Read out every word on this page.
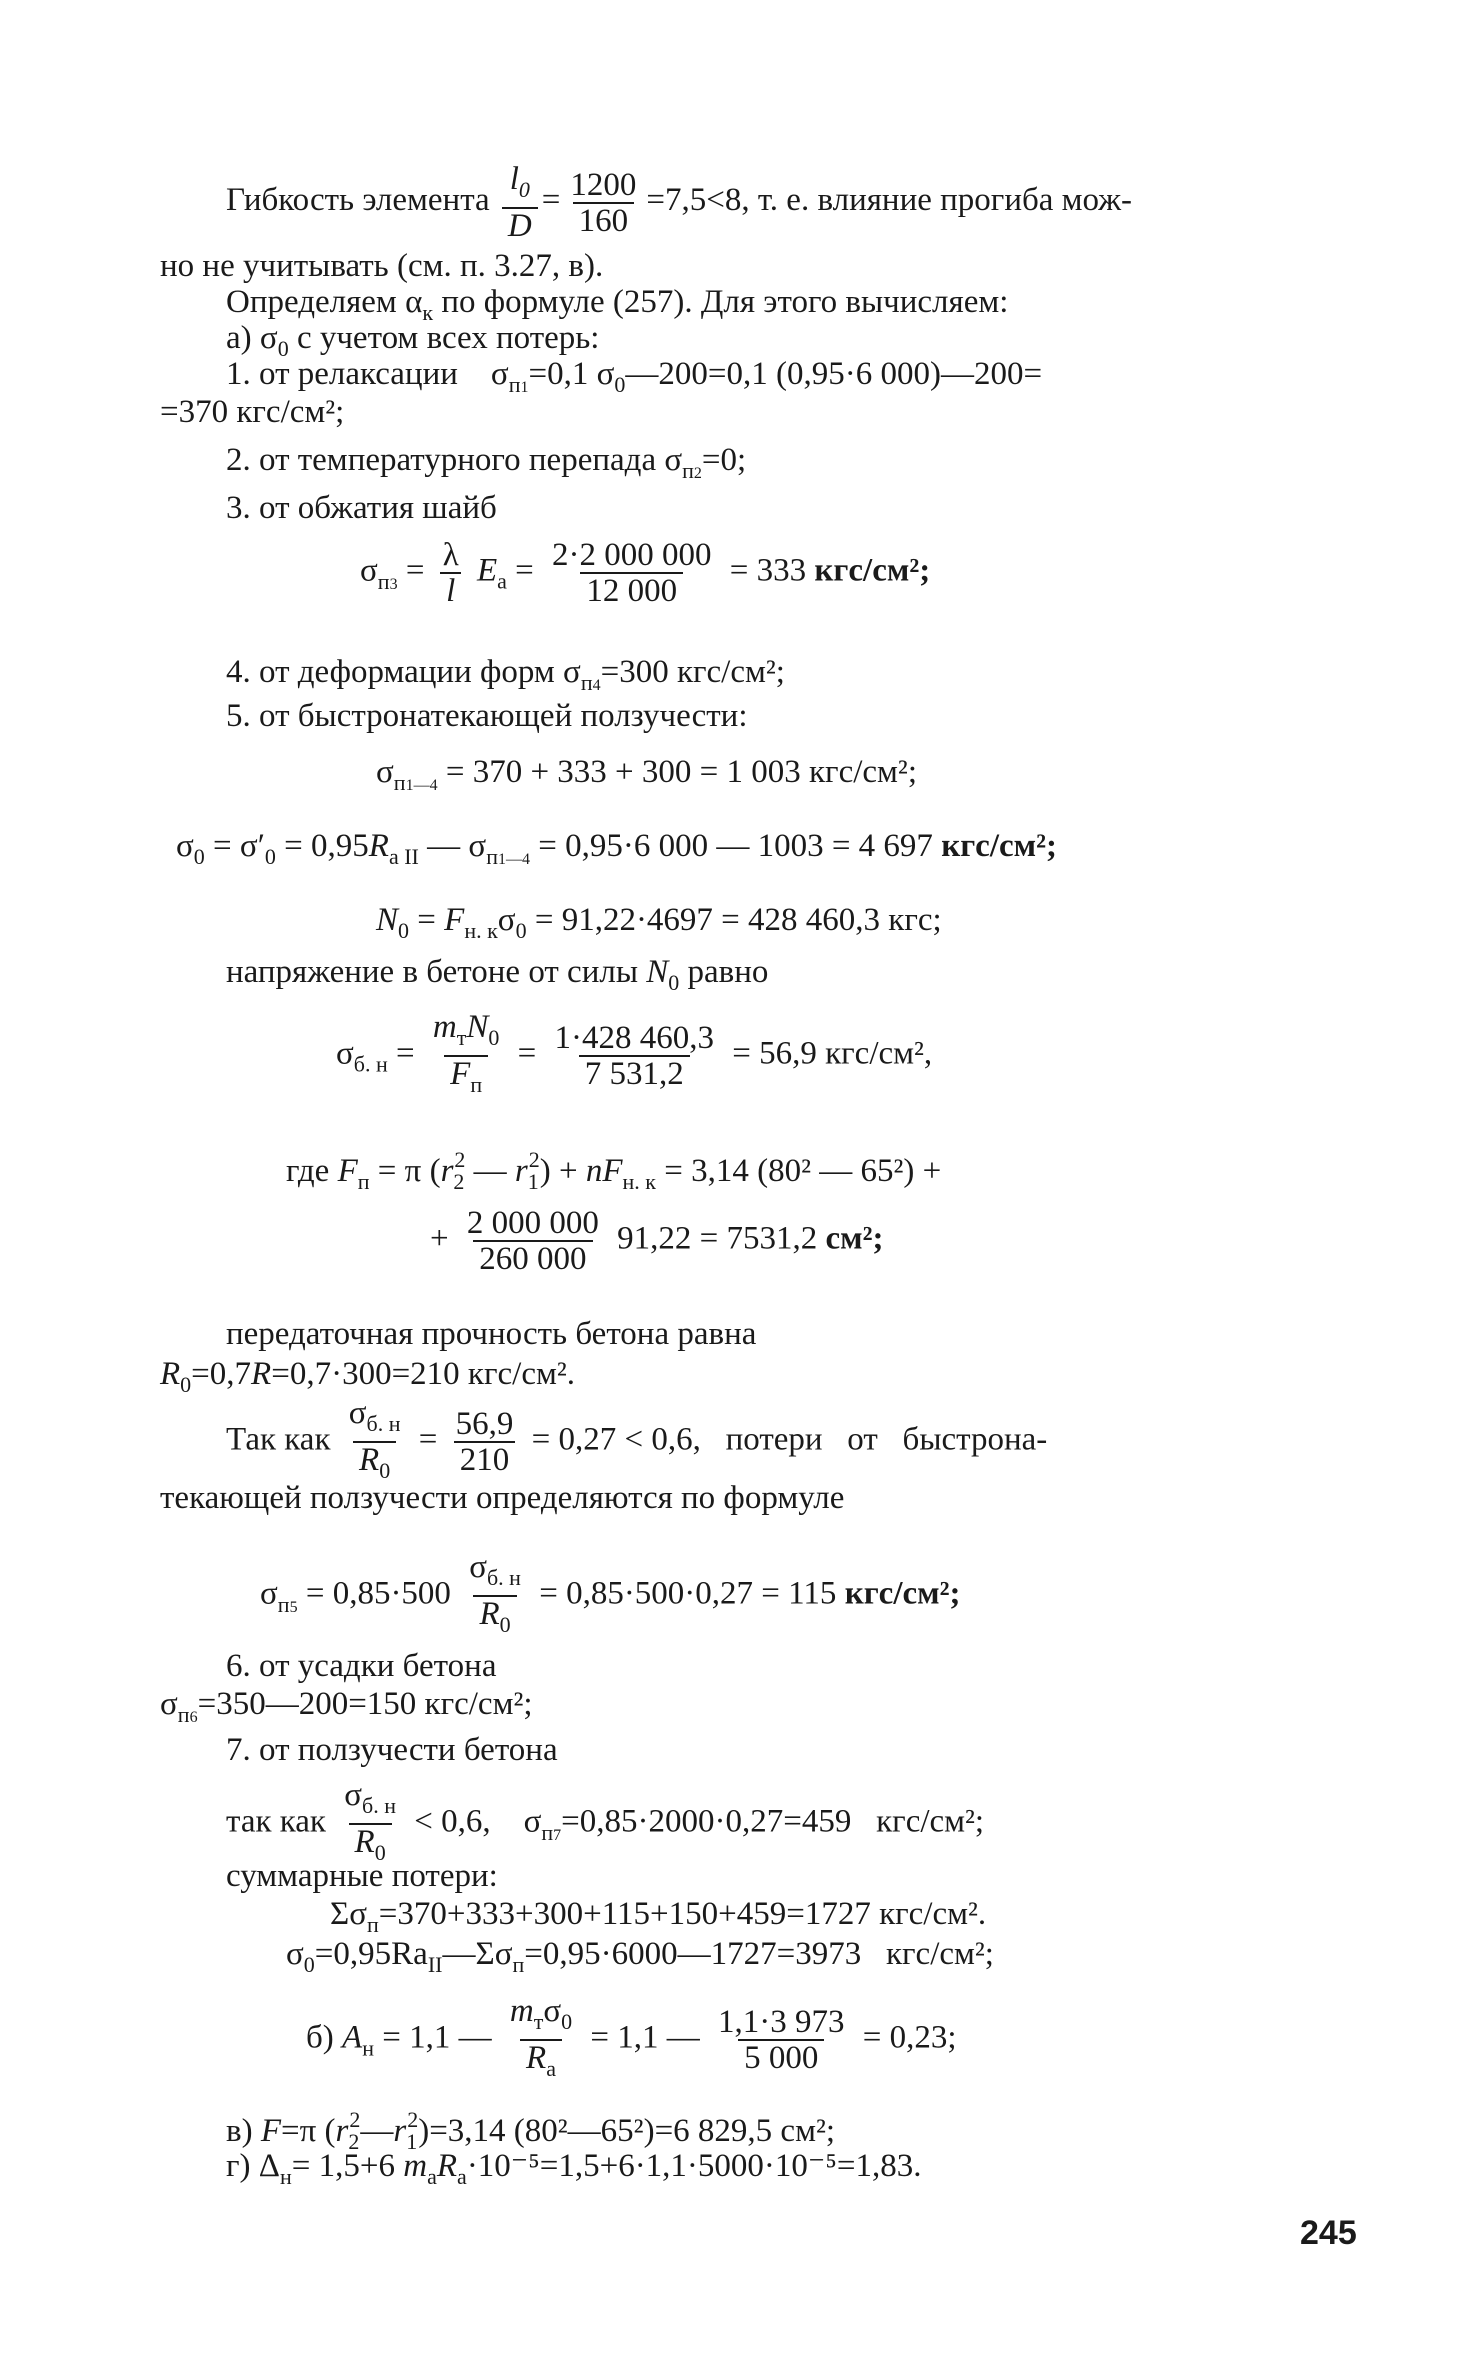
Гибкость элемента $\frac{l_0}{D} = \frac{1200}{160} =7,5<8$, т. е. влияние прогиба мож-
но не учитывать (см. п. 3.27, в).
Определяем $\alpha_к$ по формуле (257). Для этого вычисляем:
а) $\sigma_0$ с учетом всех потерь:
1. от релаксации    $\sigma_{п1}=0,1$ $\sigma_0—200=0,1$ (0,95·6 000)—200=
=370 кгс/см²;
2. от температурного перепада $\sigma_{п2}=0$;
3. от обжатия шайб
$\sigma_{п3} = \frac{\lambda}{l} E_а = \frac{2\cdot 2 000 000}{12 000} = 333$ кгс/см²;
4. от деформации форм $\sigma_{п4}=300$ кгс/см²;
5. от быстронатекающей ползучести:
$\sigma_{п1—4} = 370 + 333 + 300 = 1$ 003 кгс/см²;
$\sigma_0 = \sigma'_0 = 0,95R_{а II}$ — $\sigma_{п1—4} = 0,95\cdot 6$ 000 — 1003 = 4 697 кгс/см²;
$N_0 = F_{н. к}\sigma_0 = 91,22\cdot 4697 = 428$ 460,3 кгс;
напряжение в бетоне от силы $N_0$ равно
$\sigma_{б. н} = \frac{m_тN_0}{F_п} = \frac{1\cdot 428 460,3}{7 531,2} = 56,9$ кгс/см²,
где $F_п = \pi$ ($r_2^2$ — $r_1^2) + nF_{н. к} = 3,14$ (80² — 65²) +
+ $\frac{2 000 000}{260 000} 91,22 = 7531,2$ см²;
передаточная прочность бетона равна
$R_0=0,7R=0,7\cdot 300=210$ кгс/см².
Так как $\frac{\sigma_{б. н}}{R_0} = \frac{56,9}{210} = 0,27 < 0,6$,   потери   от   быстрона-
текающей ползучести определяются по формуле
$\sigma_{п5} = 0,85\cdot 500 \frac{\sigma_{б. н}}{R_0} = 0,85\cdot 500\cdot 0,27 = 115$ кгс/см²;
6. от усадки бетона
$\sigma_{п6}=350—200=150$ кгс/см²;
7. от ползучести бетона
так как $\frac{\sigma_{б. н}}{R_0} < 0,6$,    $\sigma_{п7}=0,85\cdot 2000\cdot 0,27=459$   кгс/см²;
суммарные потери:
$\Sigma\sigma_п=370+333+300+115+150+459=1727$ кгс/см².
$\sigma_0=0,95Ra_{II}—\Sigma\sigma_п=0,95\cdot 6000—1727=3973$   кгс/см²;
б) $A_н = 1,1$ — $\frac{m_т\sigma_0}{R_а} = 1,1$ — $\frac{1,1\cdot 3 973}{5 000} = 0,23$;
в) F=π $(r_2^2—r_1^2)=3,14$ (80²—65²)=6 829,5 см²;
г) $\Delta_н= 1,5+6$ $m_аR_а\cdot 10^{-5}=1,5+6\cdot 1,1\cdot 5000\cdot 10^{-5}=1,83$.
245
